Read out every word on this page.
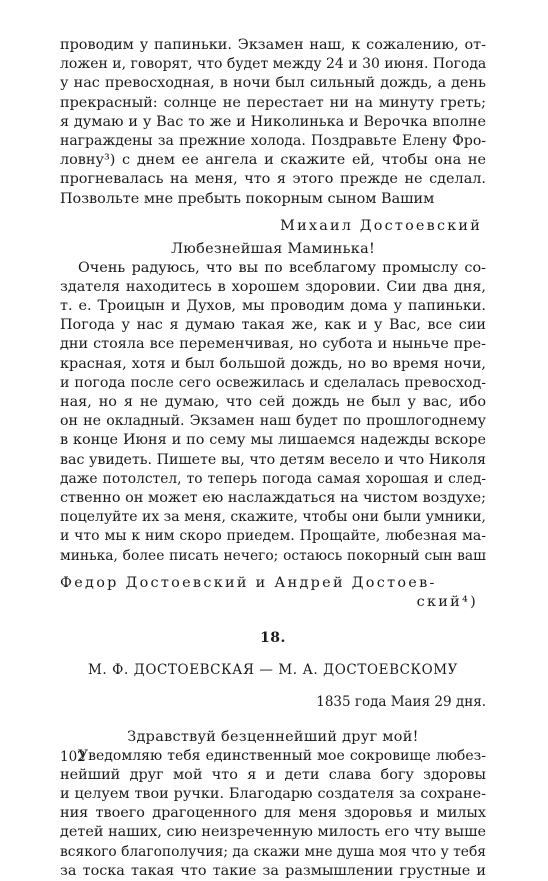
проводим у папиньки. Экзамен наш, к сожалению, от-
ложен и, говорят, что будет между 24 и 30 июня. Погода
у нас превосходная, в ночи был сильный дождь, а день
прекрасный: солнце не перестает ни на минуту греть;
я думаю и у Вас то же и Николинька и Верочка вполне
награждены за прежние холода. Поздравьте Елену Фро-
ловну³) с днем ее ангела и скажите ей, чтобы она не
прогневалась на меня, что я этого прежде не сделал.
Позвольте мне пребыть покорным сыном Вашим
Михаил Достоевский
Любезнейшая Маминька!
Очень радуюсь, что вы по всеблагому промыслу со-
здателя находитесь в хорошем здоровии. Сии два дня,
т. е. Троицын и Духов, мы проводим дома у папиньки.
Погода у нас я думаю такая же, как и у Вас, все сии
дни стояла все переменчивая, но субота и ныньче пре-
красная, хотя и был большой дождь, но во время ночи,
и погода после сего освежилась и сделалась превосход-
ная, но я не думаю, что сей дождь не был у вас, ибо
он не окладный. Экзамен наш будет по прошлогоднему
в конце Июня и по сему мы лишаемся надежды вскоре
вас увидеть. Пишете вы, что детям весело и что Николя
даже потолстел, то теперь погода самая хорошая и след-
ственно он может ею наслаждаться на чистом воздухе;
поцелуйте их за меня, скажите, чтобы они были умники,
и что мы к ним скоро приедем. Прощайте, любезная ма-
минька, более писать нечего; остаюсь покорный сын ваш
Федор Достоевский и Андрей Достоев-
ский⁴)
18.
М. Ф. ДОСТОЕВСКАЯ — М. А. ДОСТОЕВСКОМУ
1835 года Маия 29 дня.
Здравствуй безценнейший друг мой!
Уведомляю тебя единственный мое сокровище любез-
нейший друг мой что я и дети слава богу здоровы
и целуем твои ручки. Благодарю создателя за сохране-
ния твоего драгоценного для меня здоровья и милых
детей наших, сию неизреченную милость его чту выше
всякого благополучия; да скажи мне душа моя что у тебя
за тоска такая что такие за размышлении грустные и
102
